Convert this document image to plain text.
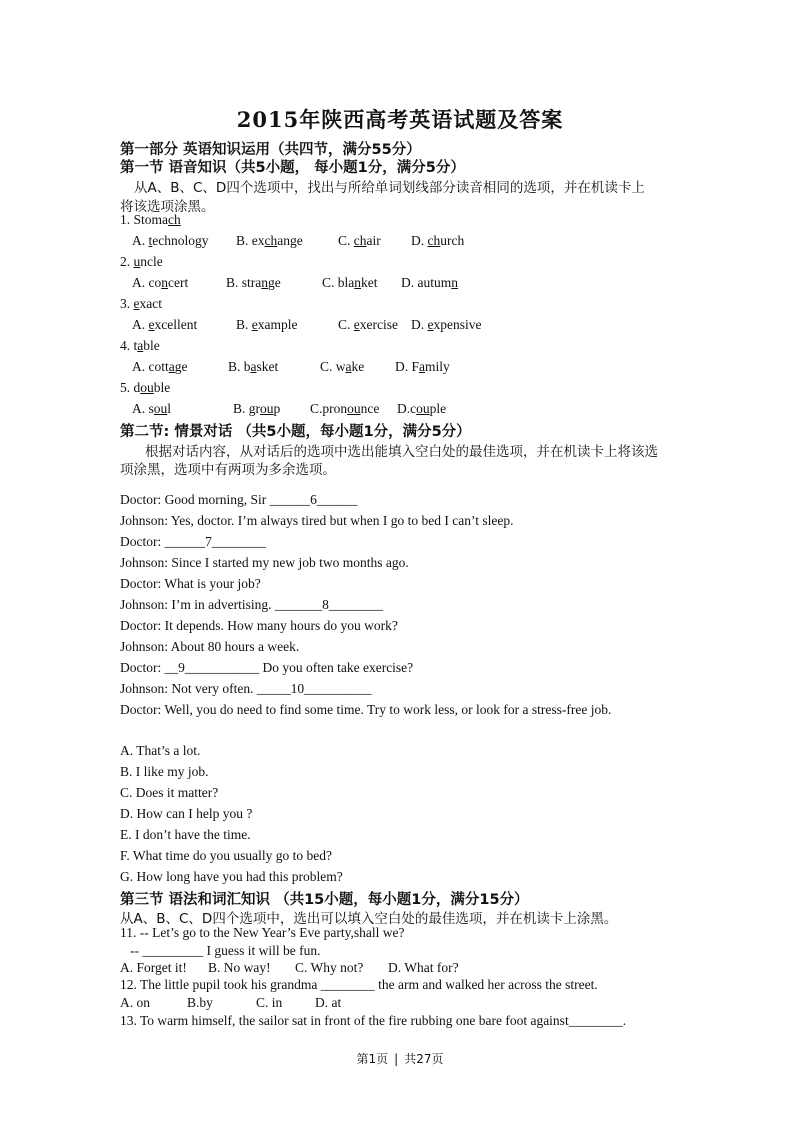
2015年陕西高考英语试题及答案
第一部分 英语知识运用（共四节，满分55分）
第一节 语音知识（共5小题， 每小题1分，满分5分）
从A、B、C、D四个选项中，找出与所给单词划线部分读音相同的选项，并在机读卡上
将该选项涂黑。
1. Stomach
A. technology B. exchange	C. chair D. church
2. uncle
A. concert	B. strange	C. blanket D. autumn
3. exact
A. excellent	B. example	C. exercise D. expensive
4. table
A. cottage	B. basket	C. wake D. Family
5. double
A. soul	B. group C.pronounce D.couple
第二节: 情景对话 （共5小题，每小题1分，满分5分）
根据对话内容，从对话后的选项中选出能填入空白处的最佳选项，并在机读卡上将该选
项涂黑，选项中有两项为多余选项。
Doctor: Good morning, Sir ______6______
Johnson: Yes, doctor. I’m always tired but when I go to bed I can’t sleep.
Doctor: ______7________
Johnson: Since I started my new job two months ago.
Doctor: What is your job?
Johnson: I’m in advertising. _______8________
Doctor: It depends. How many hours do you work?
Johnson: About 80 hours a week.
Doctor: __9___________ Do you often take exercise?
Johnson: Not very often. _____10__________
Doctor: Well, you do need to find some time. Try to work less, or look for a stress-free job.
A. That’s a lot.
B. I like my job.
C. Does it matter?
D. How can I help you ?
E. I don’t have the time.
F. What time do you usually go to bed?
G. How long have you had this problem?
第三节 语法和词汇知识 （共15小题，每小题1分，满分15分）
从A、B、C、D四个选项中，选出可以填入空白处的最佳选项，并在机读卡上涂黑。
11. -- Let’s go to the New Year’s Eve party,shall we?
-- _________ I guess it will be fun.
A. Forget it! B. No way! C. Why not? D. What for?
12. The little pupil took his grandma ________ the arm and walked her across the street.
A. on	B.by	C. in D. at
13. To warm himself, the sailor sat in front of the fire rubbing one bare foot against________.
第1页 | 共27页
